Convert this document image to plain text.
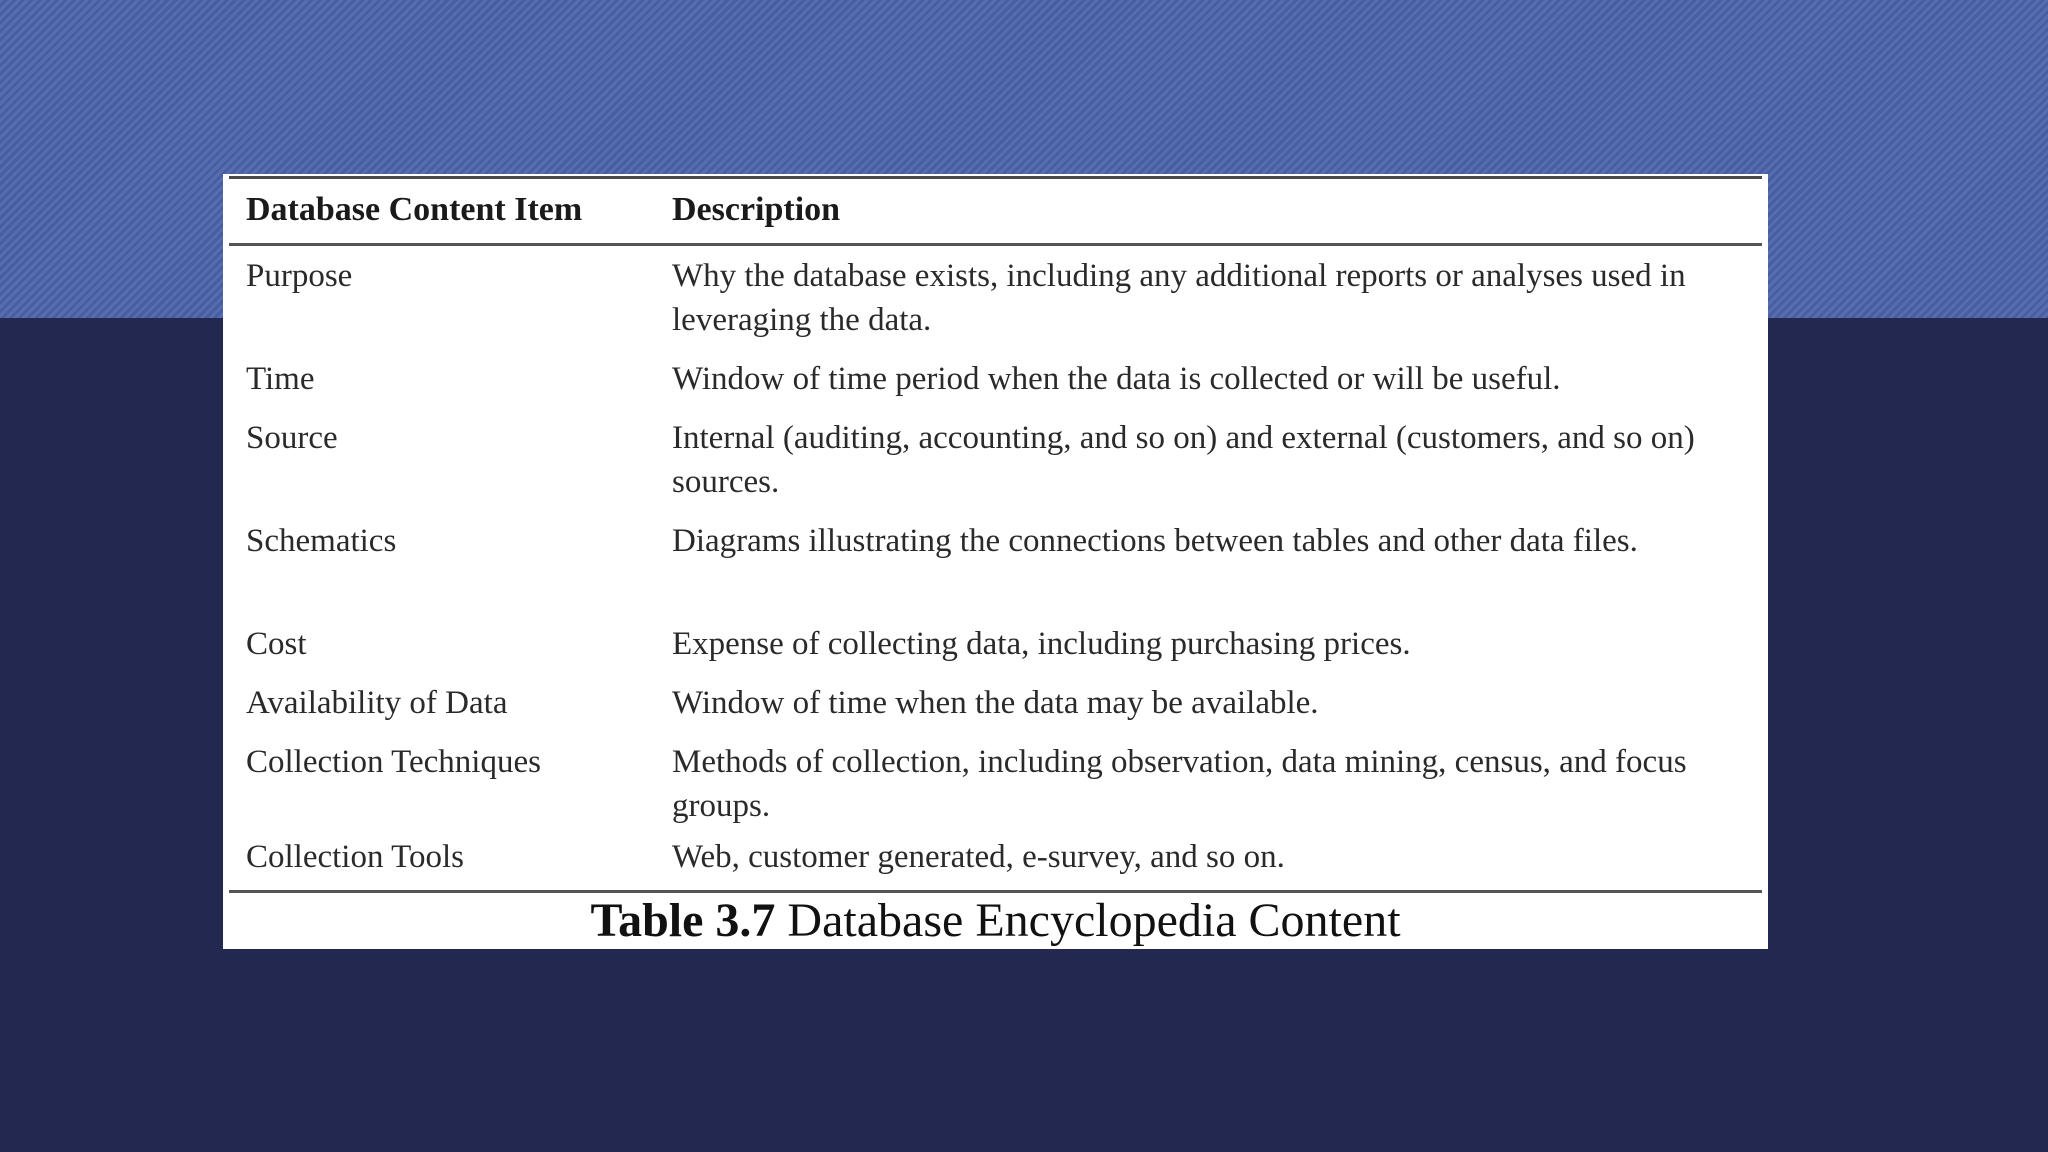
Database Content Item	Description
Purpose	Why the database exists, including any additional reports or analyses used in leveraging the data.
Time	Window of time period when the data is collected or will be useful.
Source	Internal (auditing, accounting, and so on) and external (customers, and so on) sources.
Schematics	Diagrams illustrating the connections between tables and other data files.
Cost	Expense of collecting data, including purchasing prices.
Availability of Data	Window of time when the data may be available.
Collection Techniques	Methods of collection, including observation, data mining, census, and focus groups.
Collection Tools	Web, customer generated, e-survey, and so on.
Table 3.7 Database Encyclopedia Content
